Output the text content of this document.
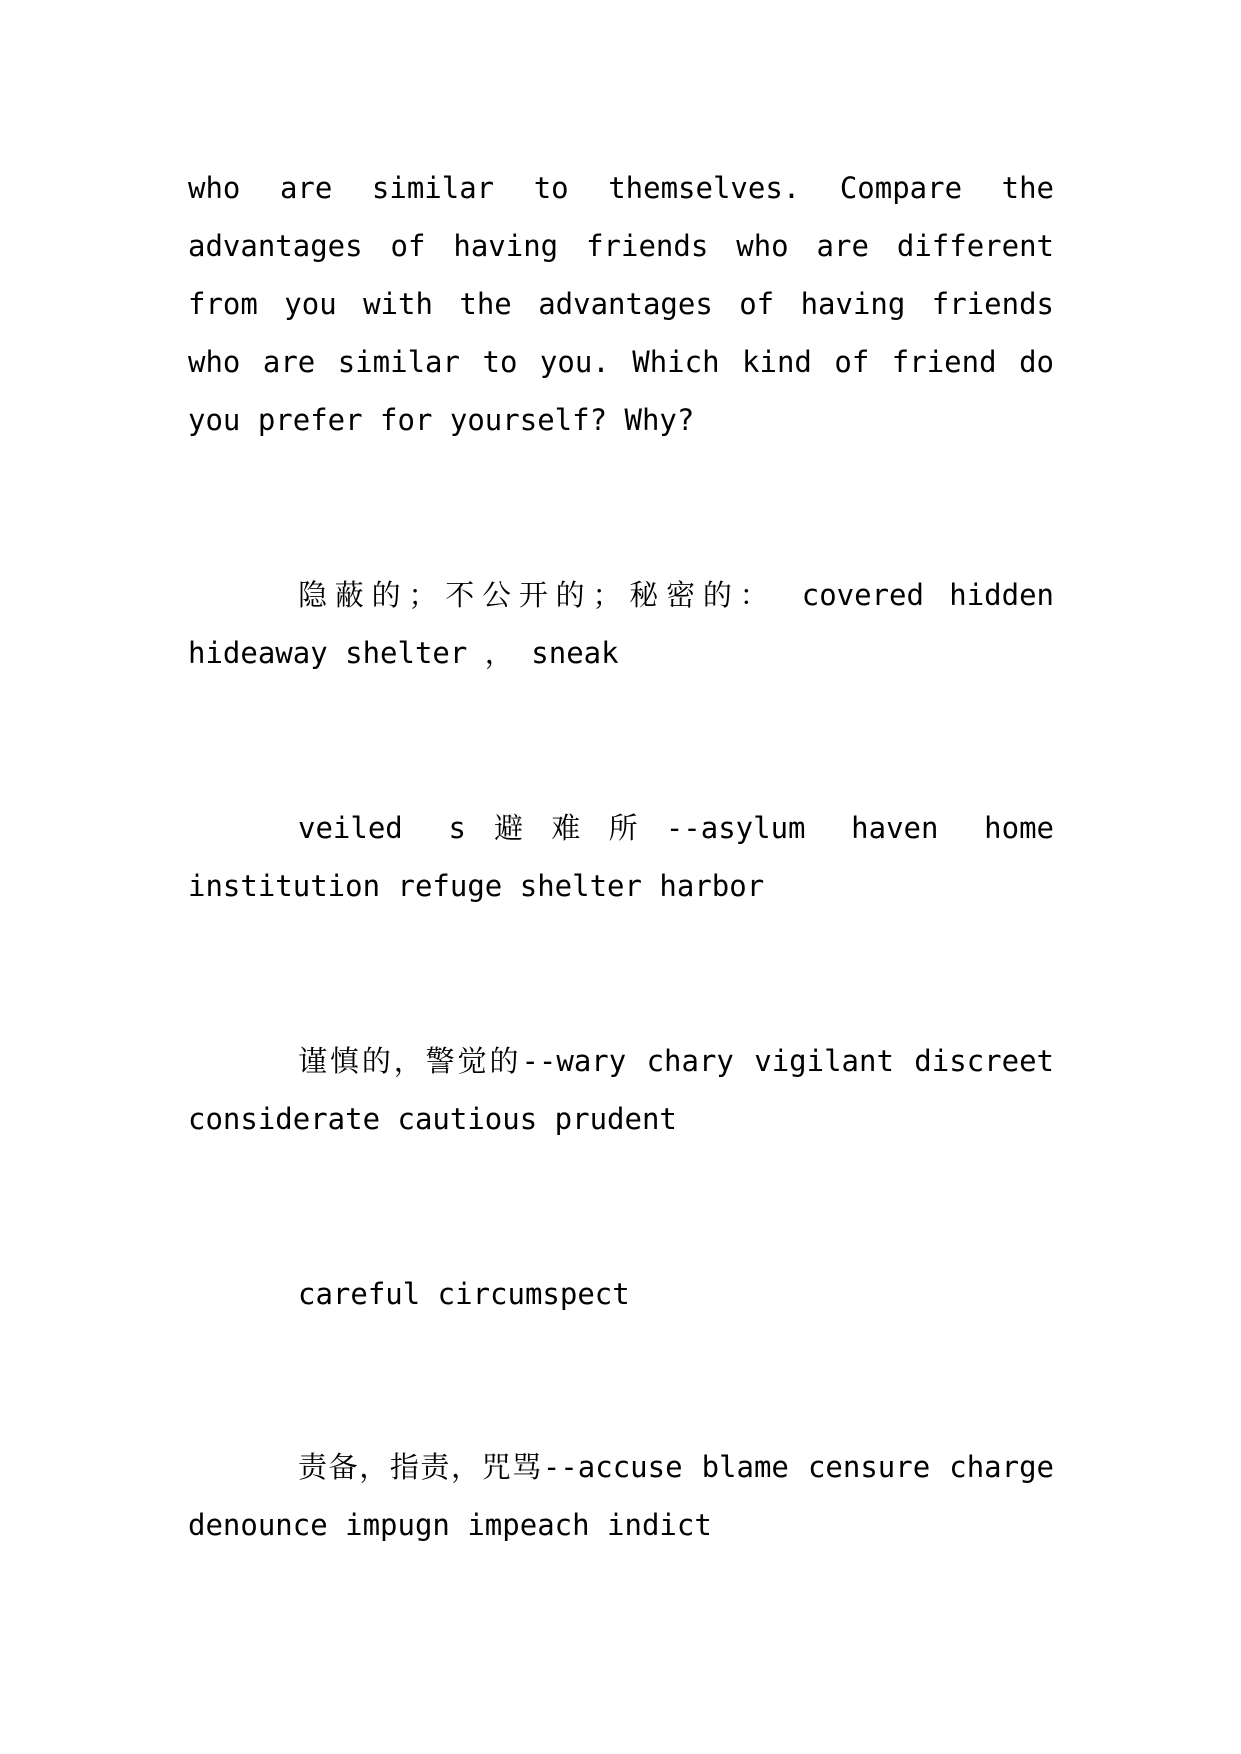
who are similar to themselves. Compare the advantages of having friends who are different from you with the advantages of having friends who are similar to you. Which kind of friend do you prefer for yourself? Why?

隐蔽的；不公开的；秘密的： covered hidden hideaway shelter ， sneak

veiled s避难所--asylum haven home institution refuge shelter harbor

谨慎的，警觉的--wary chary vigilant discreet considerate cautious prudent

careful circumspect

责备，指责，咒骂--accuse blame censure charge denounce impugn impeach indict
